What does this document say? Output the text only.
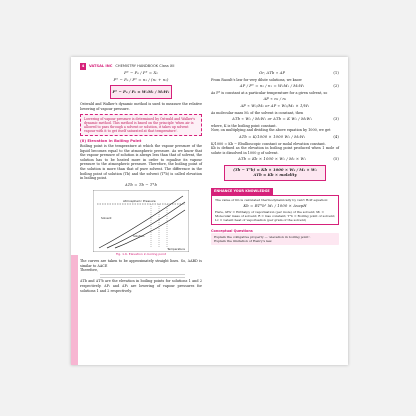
4	VATSAL INC CHEMISTRY HANDBOOK Class XII
P° − P₀ / P° = X₂
P° − P₀ / P° = n₂ / (n₁ + n₂)
P° − P₀ / P₀ = W₂M₁ / M₂W₁
Ostwald and Walker's dynamic method is used to measure the relative lowering of vapour pressure.
Lowering of vapour pressure is determined by Ostwald and Walker's dynamic method. This method is based on the principle 'when air is allowed to pass through a solvent or solution, it takes up solvent vapour with it to get itself saturated at that temperature'.
(ii) Elevation in Boiling Point
Boiling point is the temperature at which the vapour pressure of the liquid becomes equal to the atmospheric pressure. As we know that the vapour pressure of solution is always less than that of solvent, the solution has to be heated more in order to equalise its vapour pressure to the atmospheric pressure. Therefore, the boiling point of the solution is more than that of pure solvent. The difference in the boiling point of solution (Tb) and the solvent (T°b) is called elevation in boiling point.
ΔTb = Tb − T°b
Atmospheric Pressure
Solvent
Solution
Temperature
Fig. 1.6. Elevation in boiling point
The curves are taken to be approximately straight lines. So, ΔABD is similar to ΔACE
Therefore,
ΔTb and ΔT'b are the elevation in boiling points for solutions 1 and 2 respectively. ΔP₁ and ΔP₂ are lowering of vapour pressures for solutions 1 and 2 respectively.
Or, ΔTb ∝ ΔP	(1)
From Raoult's law for very dilute solutions, we know
ΔP / P° = n₂ / n₁ = W₂M₁ / M₂W₁	(2)
As P° is constant at a particular temperature for a given solvent, so
ΔP ∝ n₂ / n₁
ΔP ∝ W₂/M₂ or ΔP ∝ W₂/M₂ × 1/W₁
As molecular mass M₁ of the solvent is constant, then
ΔTb ∝ W₂ / M₂W₁ or ΔTb = K W₂ / M₂W₁	(3)
where, K is the boiling point constant.
Now, on multiplying and dividing the above equation by 1000, we get
ΔTb = K/1000 × 1000 W₂ / M₂W₁	(4)
K/1000 = Kb − Ebullioscopic constant or molal elevation constant.
Kb is defined as the elevation in boiling point produced when 1 mole of solute is dissolved in 1000 g of solvent.
ΔTb = Kb × 1000 × W₂ / M₂ × W₁	(5)
(Tb − T°b) = Kb × 1000 × W₂ / M₂ × W₁
ΔTb = Kb × molality
ENHANCE YOUR KNOWLEDGE
The value of Kb is calculated thermodynamically by van't Hoff equation:
Kb = RT°b² M₁ / 1000 × ΔvapH
Here, ΔHv = Enthalpy of vaporisation (per mole) of the solvent; M₁ = Molecular mass of solvent; R = Gas constant; T°b = Boiling point of solvent; Lv = Latent heat of vaporisation (per gram of the solvent)
Conceptual Questions
Explain the colligative property — 'elevation in boiling point'.
Explain the limitation of Henry's law.
